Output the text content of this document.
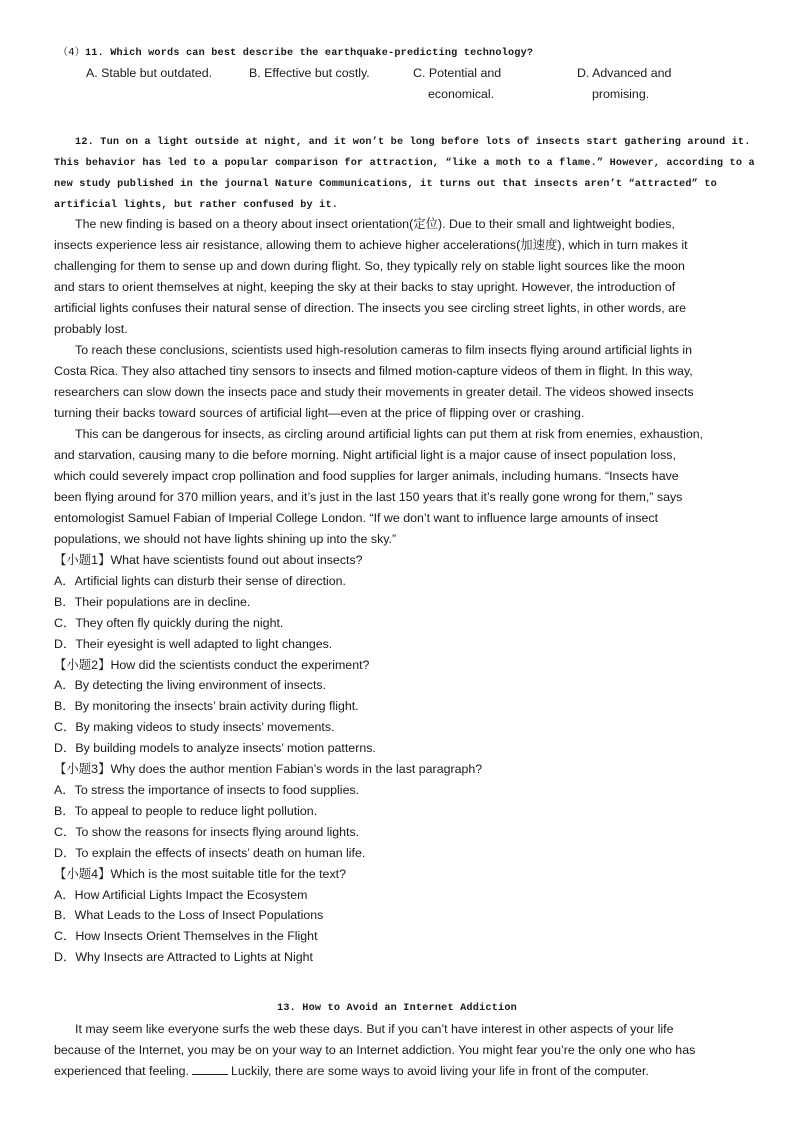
（4）11. Which words can best describe the earthquake-predicting technology?
A. Stable but outdated.	B. Effective but costly.	C. Potential and
economical.
D. Advanced and
promising.
12. Tun on a light outside at night, and it won’t be long before lots of insects start gathering around it.
This behavior has led to a popular comparison for attraction, “like a moth to a flame.” However, according to a
new study published in the journal Nature Communications, it turns out that insects aren’t “attracted” to
artificial lights, but rather confused by it.
The new finding is based on a theory about insect orientation(定位). Due to their small and lightweight bodies,
insects experience less air resistance, allowing them to achieve higher accelerations(加速度), which in turn makes it
challenging for them to sense up and down during flight. So, they typically rely on stable light sources like the moon
and stars to orient themselves at night, keeping the sky at their backs to stay upright. However, the introduction of
artificial lights confuses their natural sense of direction. The insects you see circling street lights, in other words, are
probably lost.
To reach these conclusions, scientists used high-resolution cameras to film insects flying around artificial lights in
Costa Rica. They also attached tiny sensors to insects and filmed motion-capture videos of them in flight. In this way,
researchers can slow down the insects pace and study their movements in greater detail. The videos showed insects
turning their backs toward sources of artificial light—even at the price of flipping over or crashing.
This can be dangerous for insects, as circling around artificial lights can put them at risk from enemies, exhaustion,
and starvation, causing many to die before morning. Night artificial light is a major cause of insect population loss,
which could severely impact crop pollination and food supplies for larger animals, including humans. “Insects have
been flying around for 370 million years, and it’s just in the last 150 years that it’s really gone wrong for them,” says
entomologist Samuel Fabian of Imperial College London. “If we don’t want to influence large amounts of insect
populations, we should not have lights shining up into the sky.”
【小题1】What have scientists found out about insects?
A．Artificial lights can disturb their sense of direction.
B．Their populations are in decline.
C．They often fly quickly during the night.
D．Their eyesight is well adapted to light changes.
【小题2】How did the scientists conduct the experiment?
A．By detecting the living environment of insects.
B．By monitoring the insects’ brain activity during flight.
C．By making videos to study insects’ movements.
D．By building models to analyze insects’ motion patterns.
【小题3】Why does the author mention Fabian’s words in the last paragraph?
A．To stress the importance of insects to food supplies.
B．To appeal to people to reduce light pollution.
C．To show the reasons for insects flying around lights.
D．To explain the effects of insects’ death on human life.
【小题4】Which is the most suitable title for the text?
A．How Artificial Lights Impact the Ecosystem
B．What Leads to the Loss of Insect Populations
C．How Insects Orient Themselves in the Flight
D．Why Insects are Attracted to Lights at Night
13. How to Avoid an Internet Addiction
It may seem like everyone surfs the web these days. But if you can’t have interest in other aspects of your life
because of the Internet, you may be on your way to an Internet addiction. You might fear you’re the only one who has
experienced that feeling.	Luckily, there are some ways to avoid living your life in front of the computer.
